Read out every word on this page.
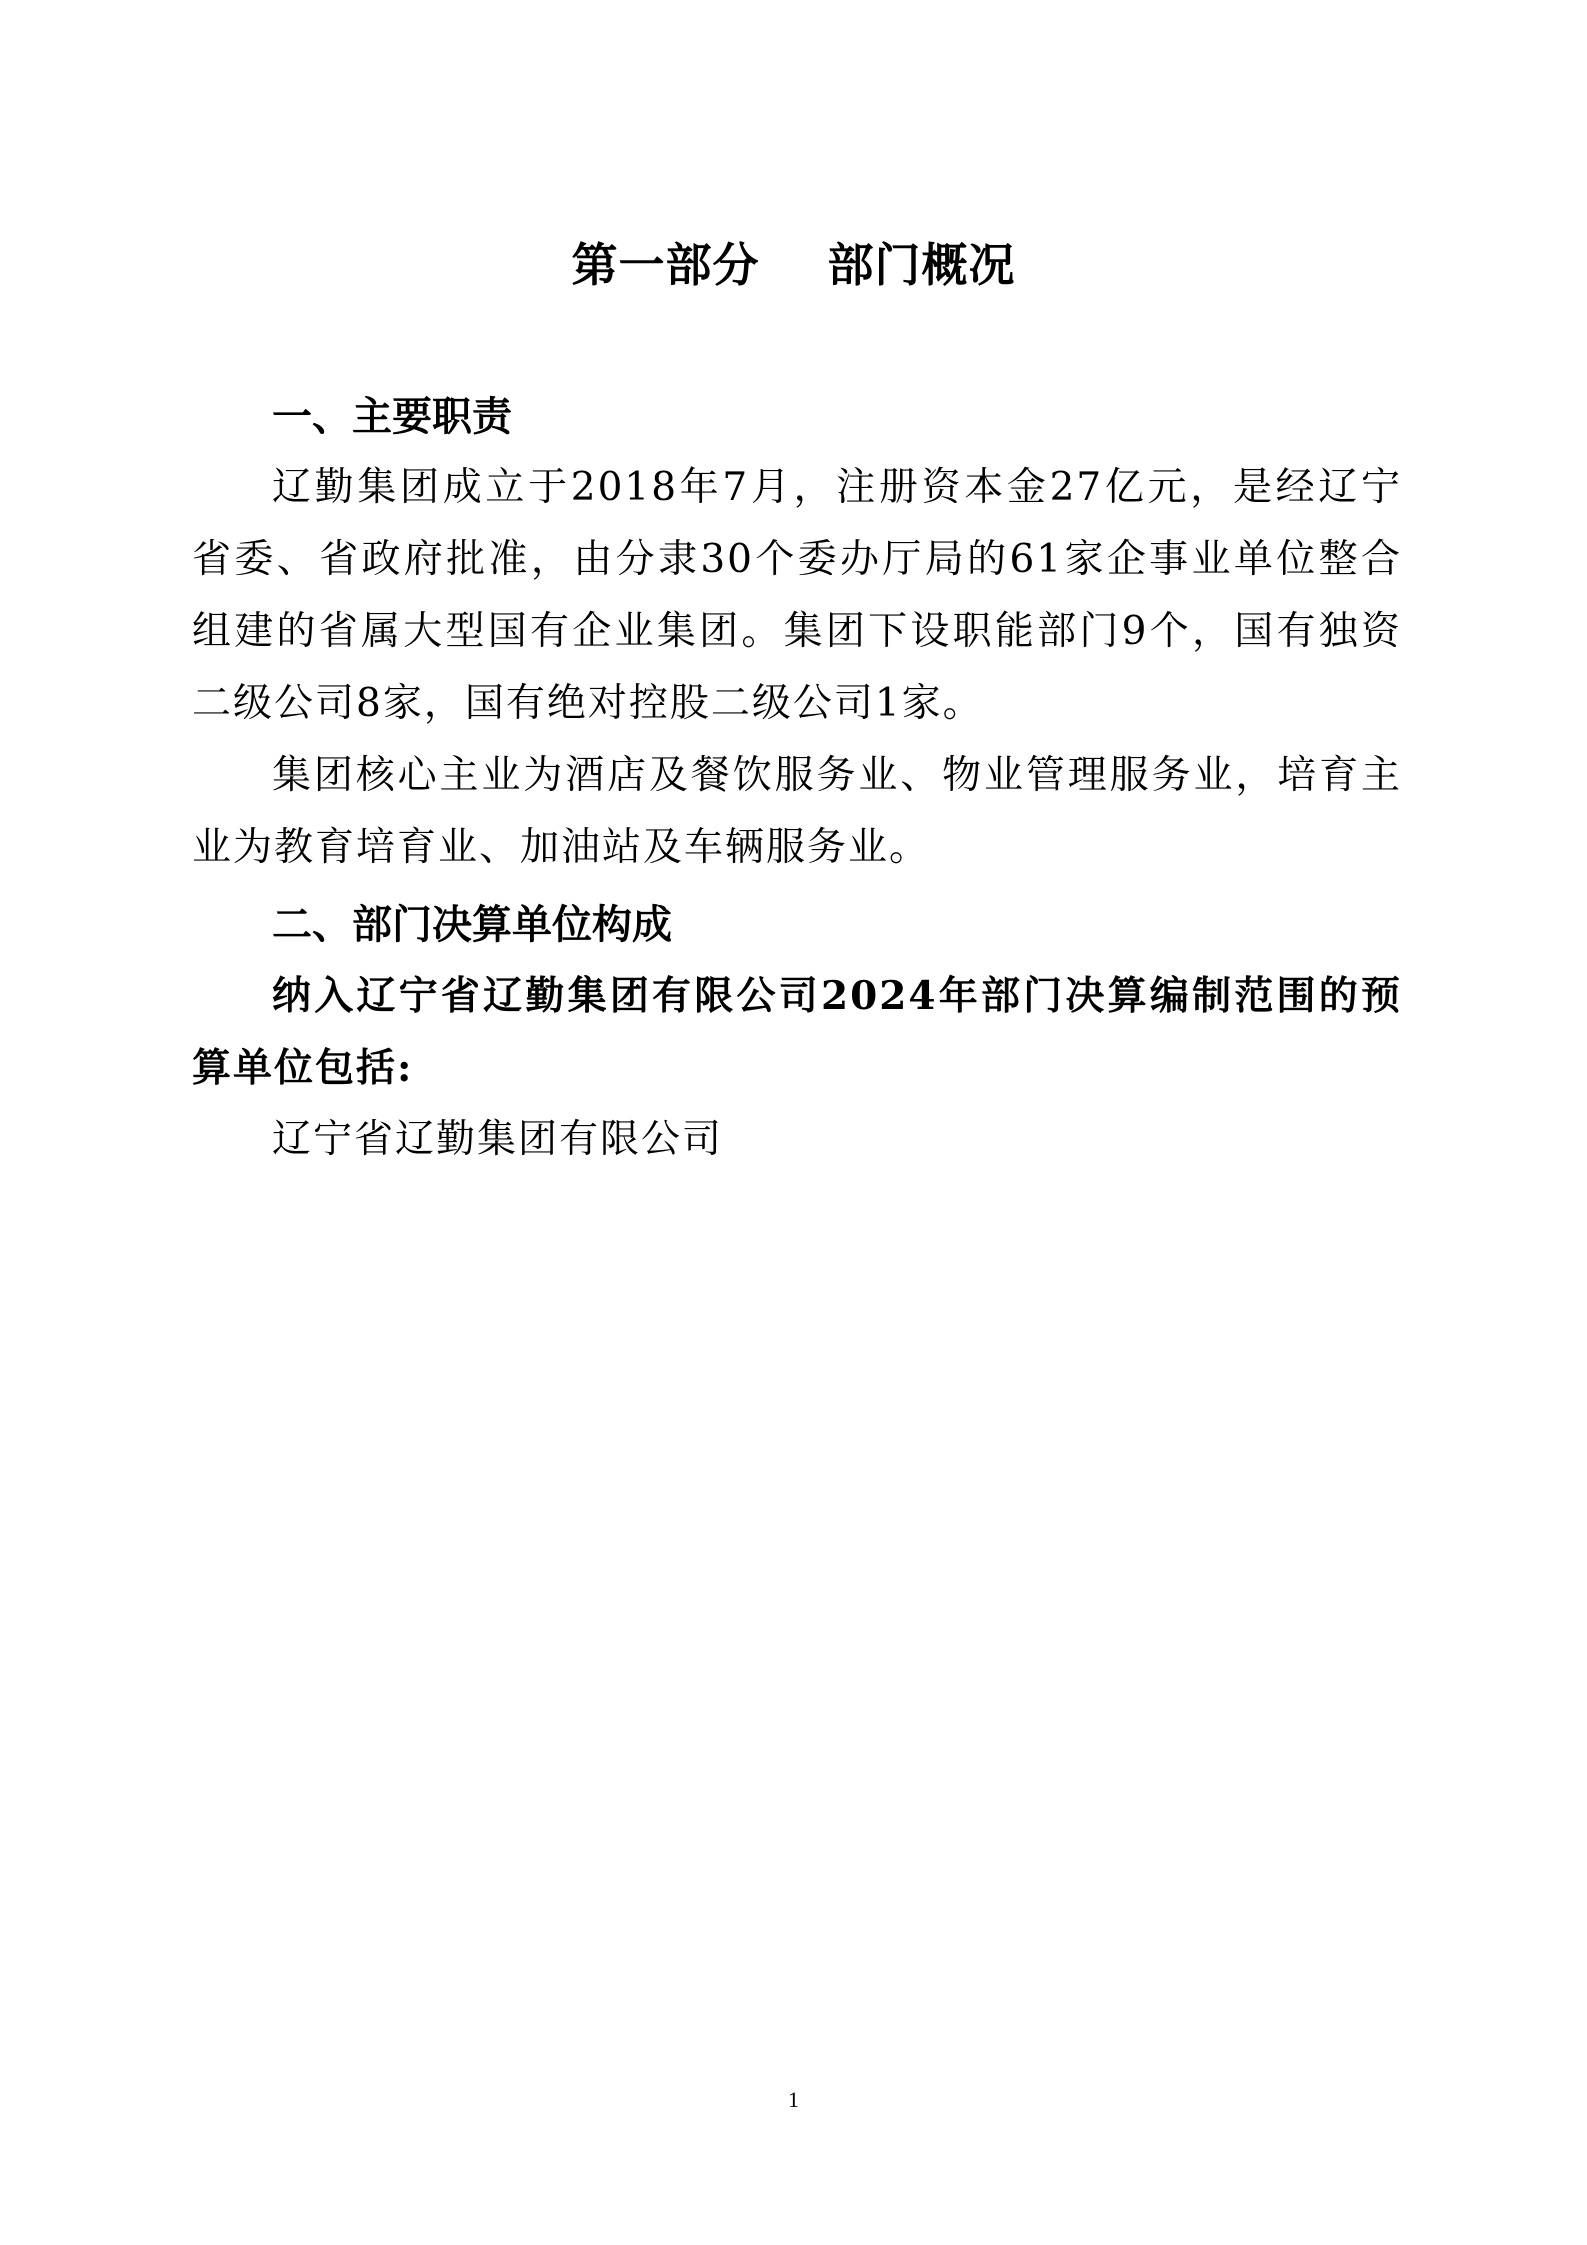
第一部分    部门概况
一、主要职责

辽勤集团成立于2018年7月，注册资本金27亿元，是经辽宁省委、省政府批准，由分隶30个委办厅局的61家企事业单位整合组建的省属大型国有企业集团。集团下设职能部门9个，国有独资二级公司8家，国有绝对控股二级公司1家。

集团核心主业为酒店及餐饮服务业、物业管理服务业，培育主业为教育培育业、加油站及车辆服务业。

二、部门决算单位构成

纳入辽宁省辽勤集团有限公司2024年部门决算编制范围的预算单位包括:

辽宁省辽勤集团有限公司

1
